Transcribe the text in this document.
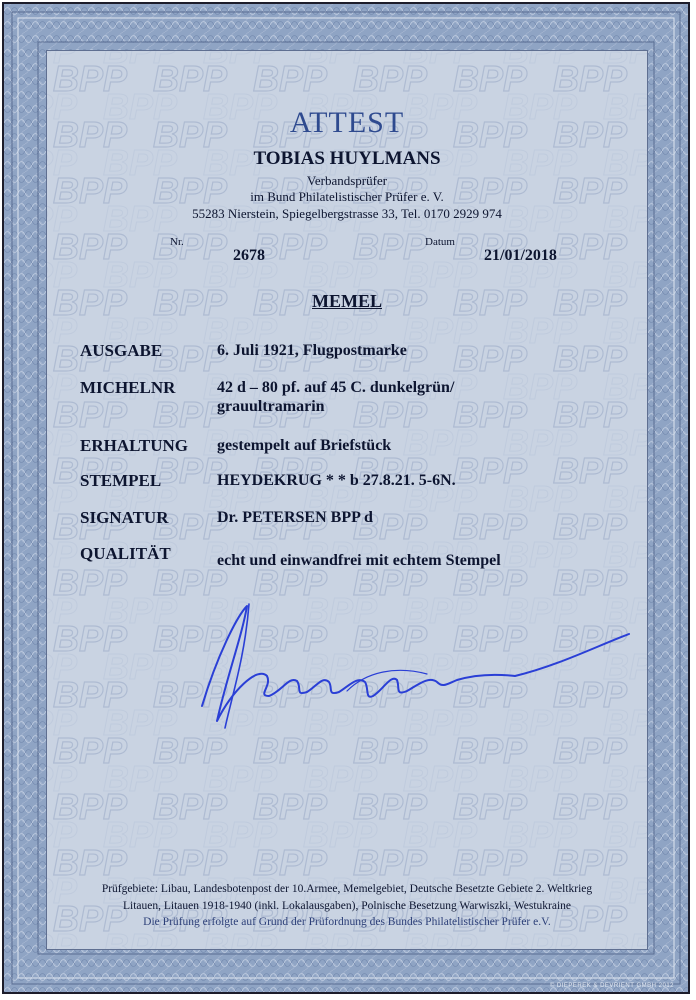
ATTEST
TOBIAS HUYLMANS
Verbandsprüfer
im Bund Philatelistischer Prüfer e. V.
55283 Nierstein, Spiegelbergstrasse 33, Tel. 0170 2929 974
Nr.
2678
Datum
21/01/2018
MEMEL
AUSGABE	6. Juli 1921, Flugpostmarke
MICHELNR	42 d – 80 pf. auf 45 C. dunkelgrün/
grauultramarin
ERHALTUNG gestempelt auf Briefstück
STEMPEL	HEYDEKRUG * * b 27.8.21. 5-6N.
SIGNATUR	Dr. PETERSEN BPP d
QUALITÄT	echt und einwandfrei mit echtem Stempel
Prüfgebiete: Libau, Landesbotenpost der 10.Armee, Memelgebiet, Deutsche Besetzte Gebiete 2. Weltkrieg
Litauen, Litauen 1918-1940 (inkl. Lokalausgaben), Polnische Besetzung Warwiszki, Westukraine
Die Prüfung erfolgte auf Grund der Prüfordnung des Bundes Philatelistischer Prüfer e.V.
© DIEPEREK & DEVRIENT GMBH 2012
